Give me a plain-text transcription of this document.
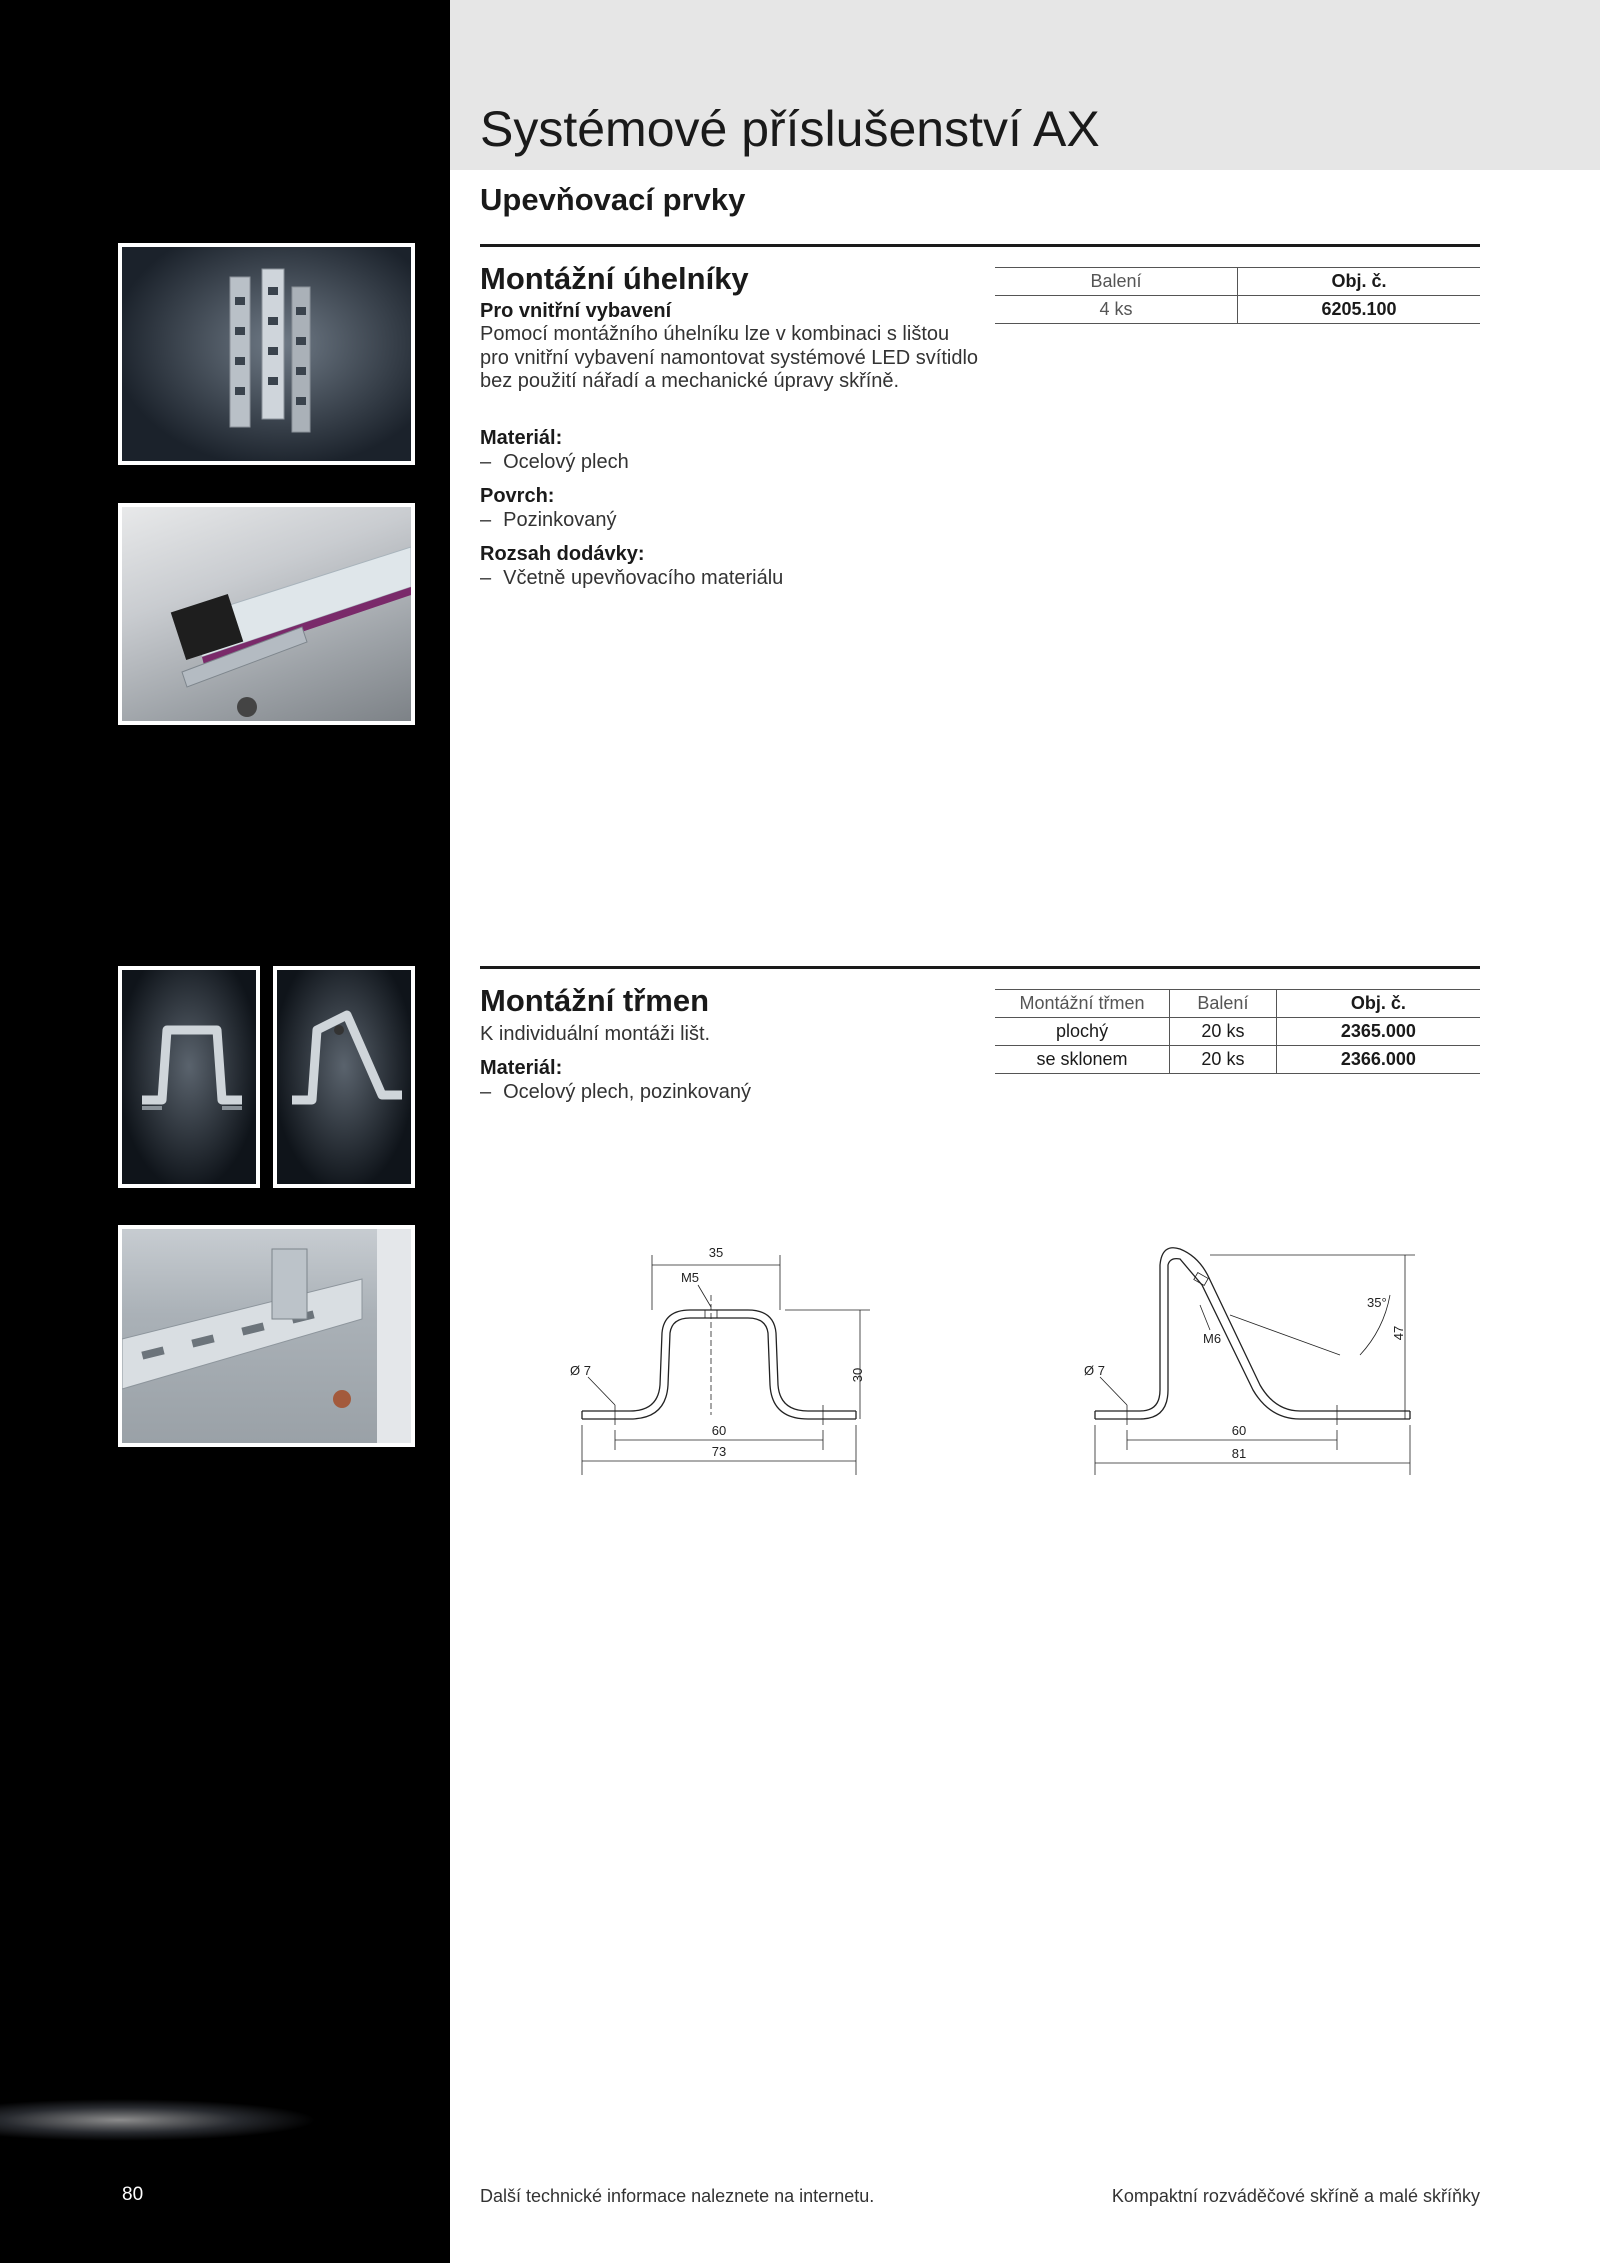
80
Systémové příslušenství AX
Upevňovací prvky
Montážní úhelníky
Pro vnitřní vybavení
Pomocí montážního úhelníku lze v kombinaci s lištou pro vnitřní vybavení namontovat systémové LED svítidlo bez použití nářadí a mechanické úpravy skříně.
Materiál:
– Ocelový plech
Povrch:
– Pozinkovaný
Rozsah dodávky:
– Včetně upevňovacího materiálu
Balení	Obj. č.
4 ks	6205.100
Montážní třmen
K individuální montáži lišt.
Materiál:
– Ocelový plech, pozinkovaný
Montážní třmen	Balení	Obj. č.
plochý	20 ks	2365.000
se sklonem	20 ks	2366.000
35
M5
Ø 7	30
60
73
35°
M6
Ø 7
47
60
81
Další technické informace naleznete na internetu.	Kompaktní rozváděčové skříně a malé skříňky
